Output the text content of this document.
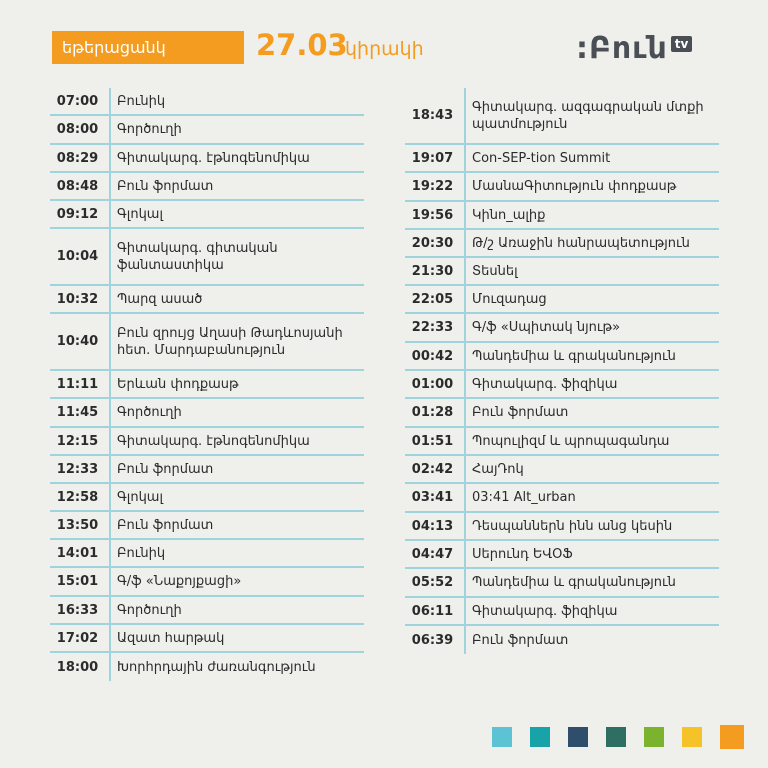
եթերացանկ	27.03
կիրակի	:Բուն tv
07:00	Բունիկ
08:00	Գործուղի
08:29	Գիտակարգ. էթնոգենոմիկա
08:48	Բուն ֆորմատ
09:12	Գլոկալ
10:04
Գիտակարգ. գիտական ֆանտաստիկա
10:32	Պարզ ասած
10:40
Բուն զրույց Աղասի Թադևոսյանի հետ. Մարդաբանություն
11:11	Երևան փոդքասթ
11:45	Գործուղի
12:15	Գիտակարգ. էթնոգենոմիկա
12:33	Բուն ֆորմատ
12:58	Գլոկալ
13:50	Բուն ֆորմատ
14:01	Բունիկ
15:01	Գ/ֆ «Նաքոյքացի»
16:33	Գործուղի
17:02	Ազատ հարթակ
18:00	Խորհրդային ժառանգություն
18:43
Գիտակարգ. ազգագրական մտքի պատմություն
19:07	Con-SEP-tion Summit
19:22	ՄասնաԳիտություն փոդքասթ
19:56	Կինո_ալիք
20:30	Թ/շ Առաջին հանրապետություն
21:30	Տեսնել
22:05	Մուզադաց
22:33	Գ/ֆ «Սպիտակ նյութ»
00:42	Պանդեմիա և գրականություն
01:00	Գիտակարգ. ֆիզիկա
01:28	Բուն ֆորմատ
01:51	Պոպուլիզմ և պրոպագանդա
02:42	ՀայԴոկ
03:41	03:41 Alt_urban
04:13	Դեսպաններն ինն անց կեսին
04:47	Սերունդ ԵՎՕՖ
05:52	Պանդեմիա և գրականություն
06:11	Գիտակարգ. ֆիզիկա
06:39	Բուն ֆորմատ
